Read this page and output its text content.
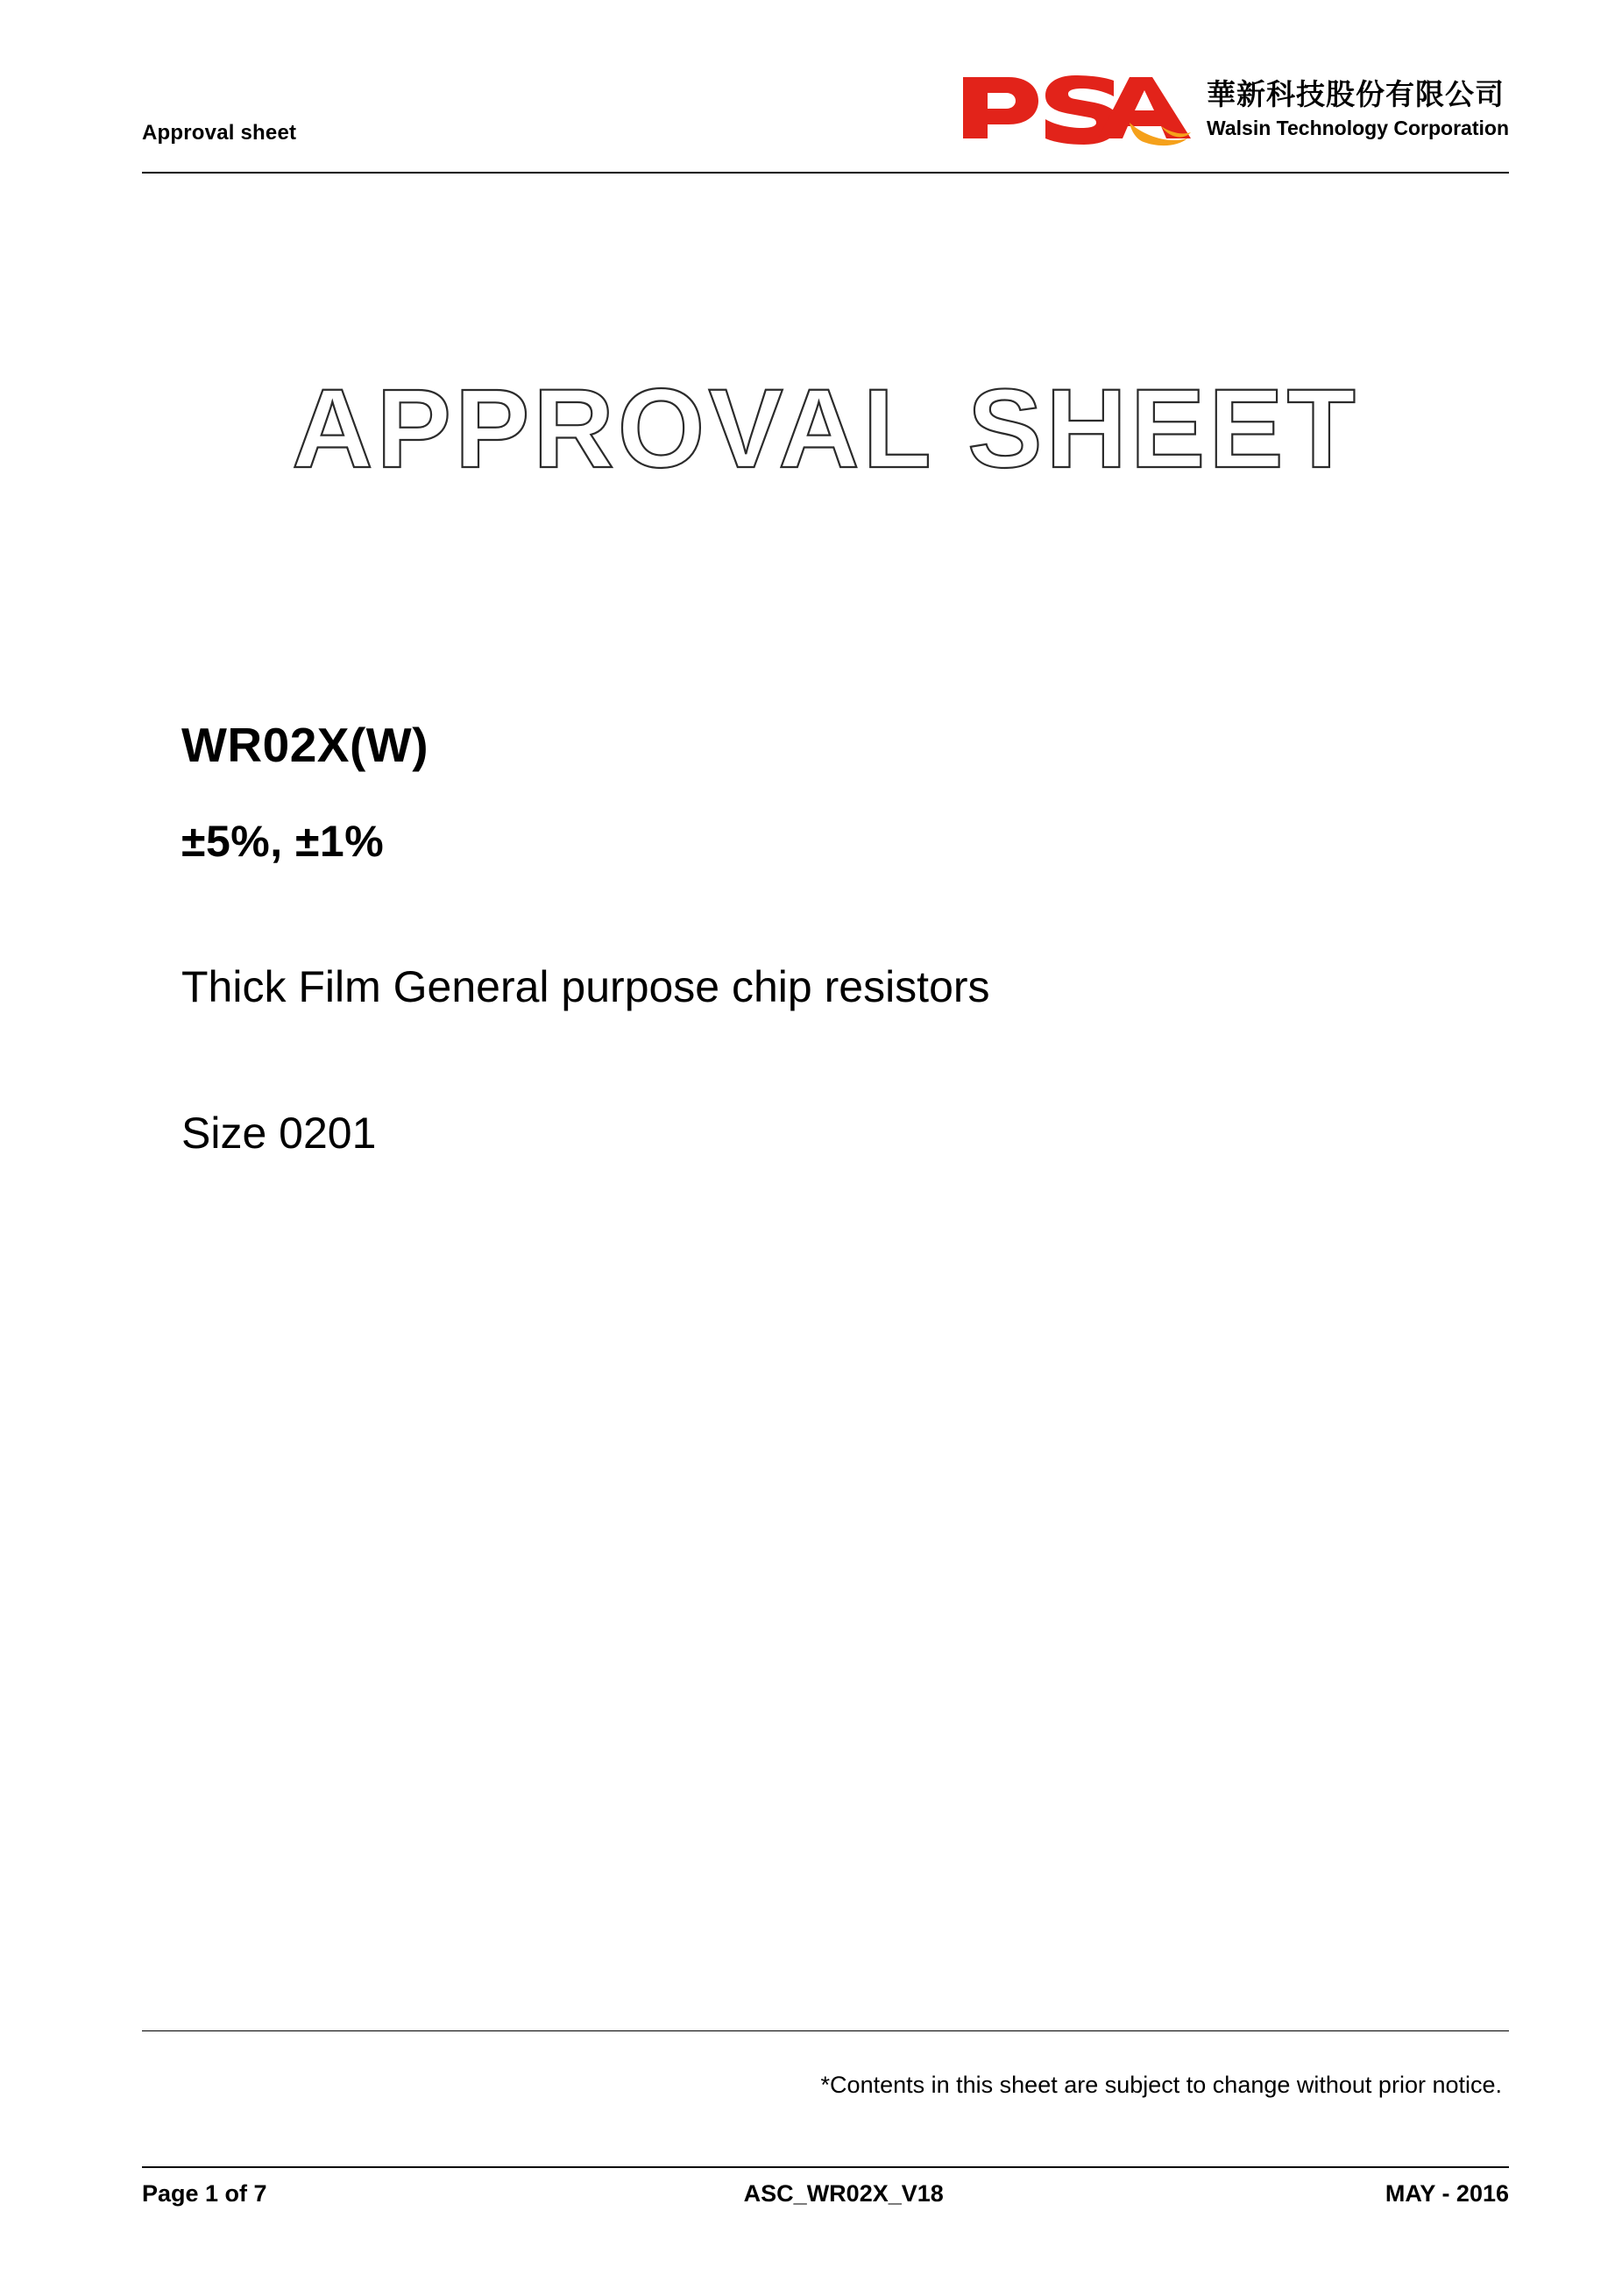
Approval sheet
華新科技股份有限公司
Walsin Technology Corporation
APPROVAL SHEET
WR02X(W)
±5%, ±1%
Thick Film General purpose chip resistors
Size 0201
*Contents in this sheet are subject to change without prior notice.
Page 1 of 7	ASC_WR02X_V18	MAY - 2016
